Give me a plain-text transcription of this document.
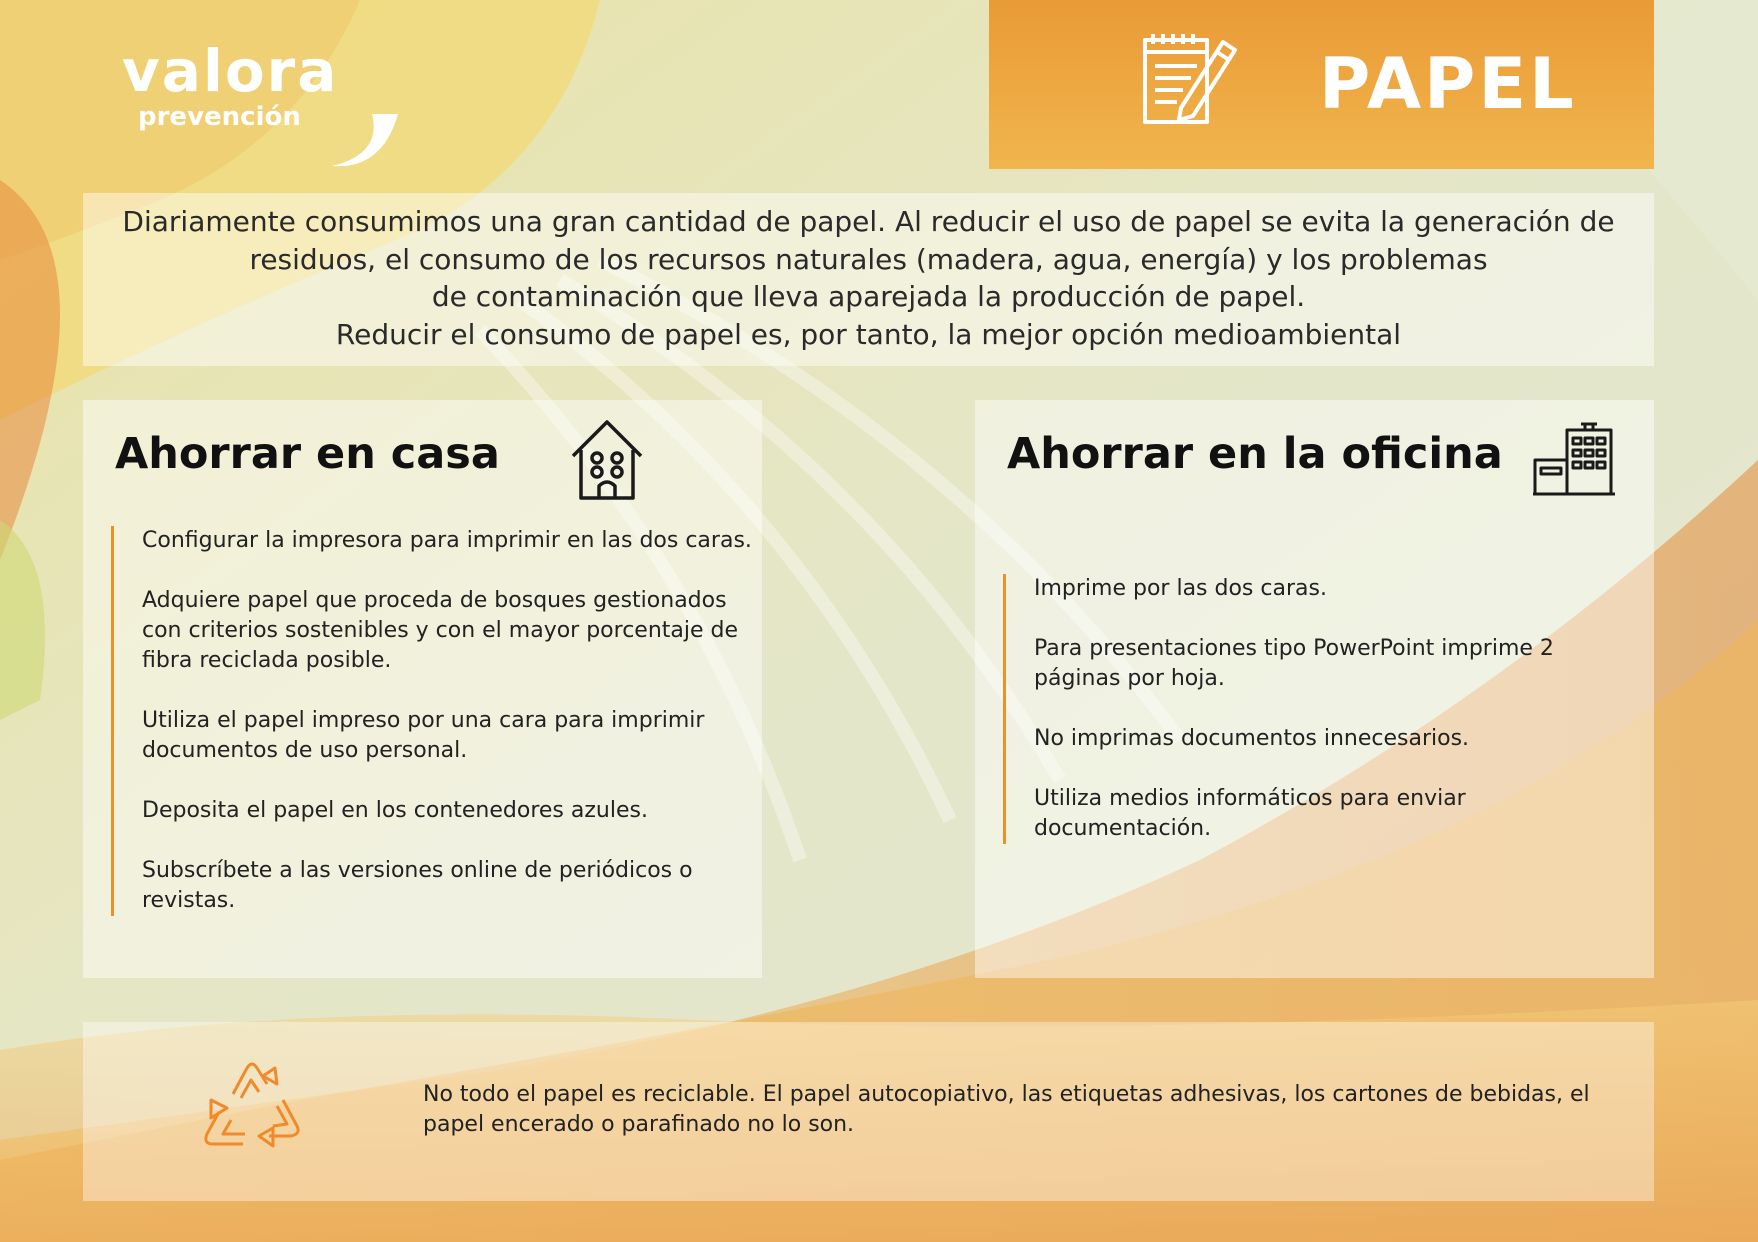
valora
prevención	PAPEL
Diariamente consumimos una gran cantidad de papel. Al reducir el uso de papel se evita la generación de
residuos, el consumo de los recursos naturales (madera, agua, energía) y los problemas
de contaminación que lleva aparejada la producción de papel.
Reducir el consumo de papel es, por tanto, la mejor opción medioambiental
Ahorrar en casa

Configurar la impresora para imprimir en las dos caras.

Adquiere papel que proceda de bosques gestionados con criterios sostenibles y con el mayor porcentaje de fibra reciclada posible.

Utiliza el papel impreso por una cara para imprimir documentos de uso personal.

Deposita el papel en los contenedores azules.

Subscríbete a las versiones online de periódicos o revistas.

Ahorrar en la oficina

Imprime por las dos caras.

Para presentaciones tipo PowerPoint imprime 2 páginas por hoja.

No imprimas documentos innecesarios.

Utiliza medios informáticos para enviar documentación.

No todo el papel es reciclable. El papel autocopiativo, las etiquetas adhesivas, los cartones de bebidas, el papel encerado o parafinado no lo son.
